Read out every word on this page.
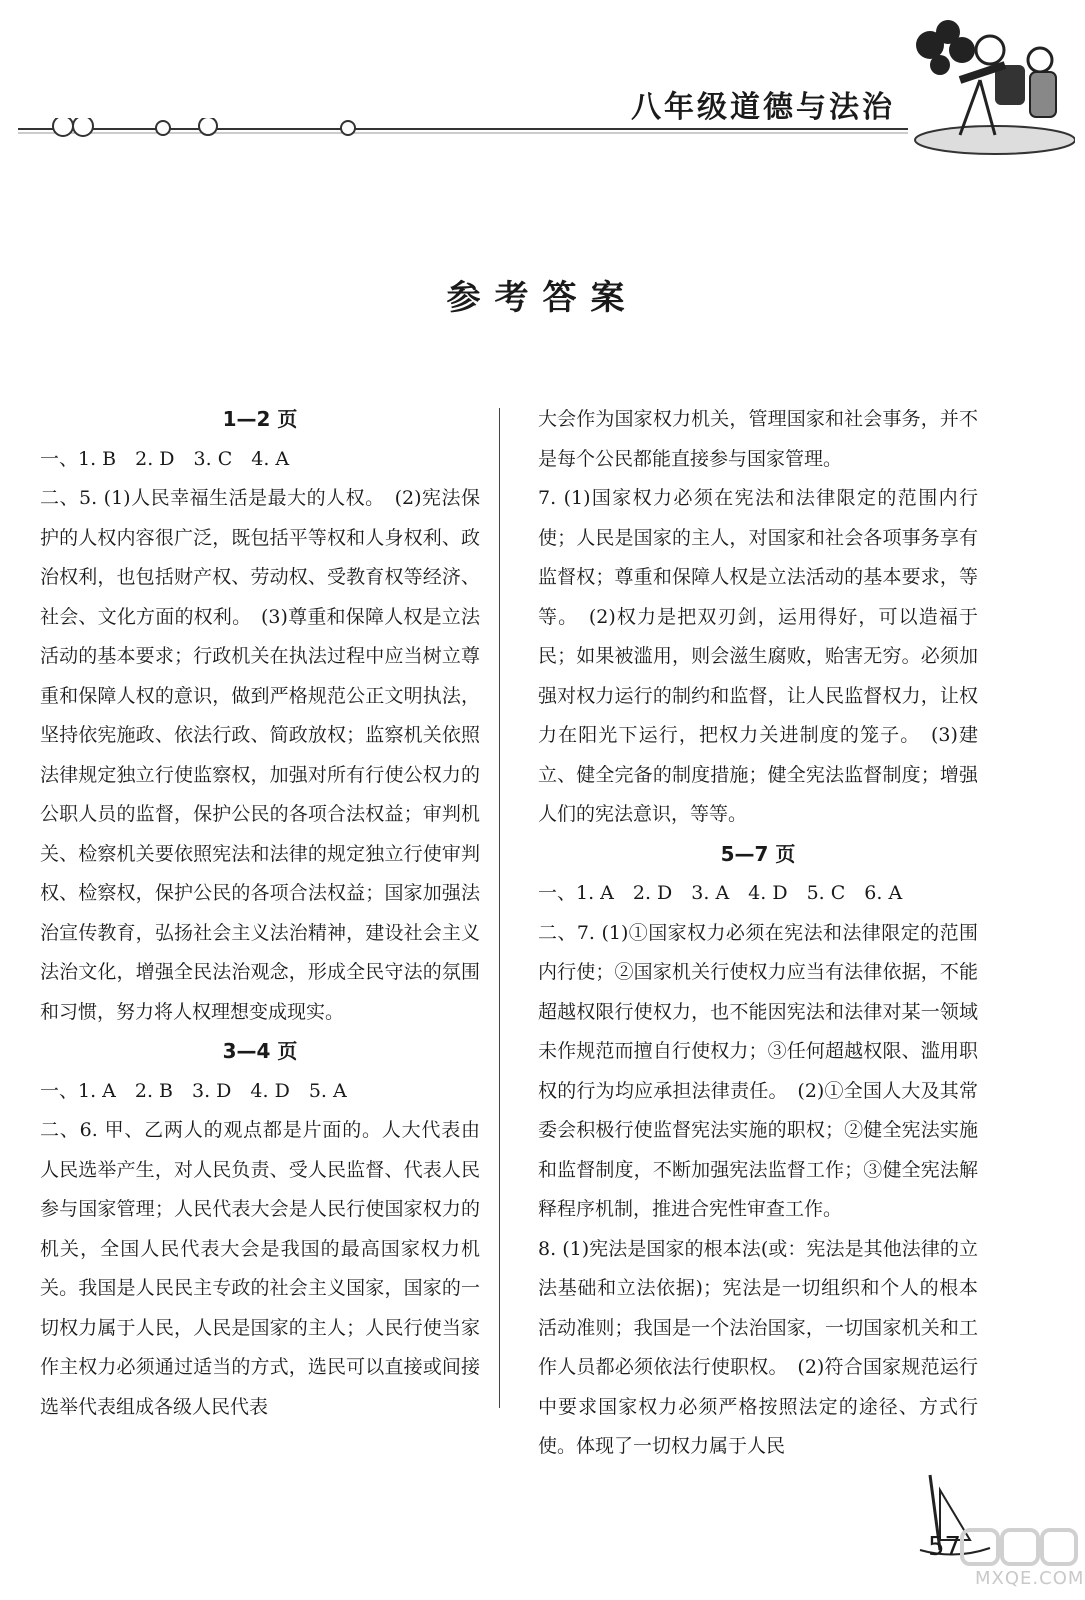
八年级道德与法治
参考答案
1—2 页

一、1. B　2. D　3. C　4. A

二、5. (1)人民幸福生活是最大的人权。　(2)宪法保护的人权内容很广泛，既包括平等权和人身权利、政治权利，也包括财产权、劳动权、受教育权等经济、社会、文化方面的权利。　(3)尊重和保障人权是立法活动的基本要求；行政机关在执法过程中应当树立尊重和保障人权的意识，做到严格规范公正文明执法，坚持依宪施政、依法行政、简政放权；监察机关依照法律规定独立行使监察权，加强对所有行使公权力的公职人员的监督，保护公民的各项合法权益；审判机关、检察机关要依照宪法和法律的规定独立行使审判权、检察权，保护公民的各项合法权益；国家加强法治宣传教育，弘扬社会主义法治精神，建设社会主义法治文化，增强全民法治观念，形成全民守法的氛围和习惯，努力将人权理想变成现实。

3—4 页

一、1. A　2. B　3. D　4. D　5. A

二、6. 甲、乙两人的观点都是片面的。人大代表由人民选举产生，对人民负责、受人民监督、代表人民参与国家管理；人民代表大会是人民行使国家权力的机关，全国人民代表大会是我国的最高国家权力机关。我国是人民民主专政的社会主义国家，国家的一切权力属于人民，人民是国家的主人；人民行使当家作主权力必须通过适当的方式，选民可以直接或间接选举代表组成各级人民代表

大会作为国家权力机关，管理国家和社会事务，并不是每个公民都能直接参与国家管理。

7. (1)国家权力必须在宪法和法律限定的范围内行使；人民是国家的主人，对国家和社会各项事务享有监督权；尊重和保障人权是立法活动的基本要求，等等。　(2)权力是把双刃剑，运用得好，可以造福于民；如果被滥用，则会滋生腐败，贻害无穷。必须加强对权力运行的制约和监督，让人民监督权力，让权力在阳光下运行，把权力关进制度的笼子。　(3)建立、健全完备的制度措施；健全宪法监督制度；增强人们的宪法意识，等等。

5—7 页

一、1. A　2. D　3. A　4. D　5. C　6. A

二、7. (1)①国家权力必须在宪法和法律限定的范围内行使；②国家机关行使权力应当有法律依据，不能超越权限行使权力，也不能因宪法和法律对某一领域未作规范而擅自行使权力；③任何超越权限、滥用职权的行为均应承担法律责任。　(2)①全国人大及其常委会积极行使监督宪法实施的职权；②健全宪法实施和监督制度，不断加强宪法监督工作；③健全宪法解释程序机制，推进合宪性审查工作。

8. (1)宪法是国家的根本法(或：宪法是其他法律的立法基础和立法依据)；宪法是一切组织和个人的根本活动准则；我国是一个法治国家，一切国家机关和工作人员都必须依法行使职权。　(2)符合国家规范运行中要求国家权力必须严格按照法定的途径、方式行使。体现了一切权力属于人民

57
MXQE.COM
